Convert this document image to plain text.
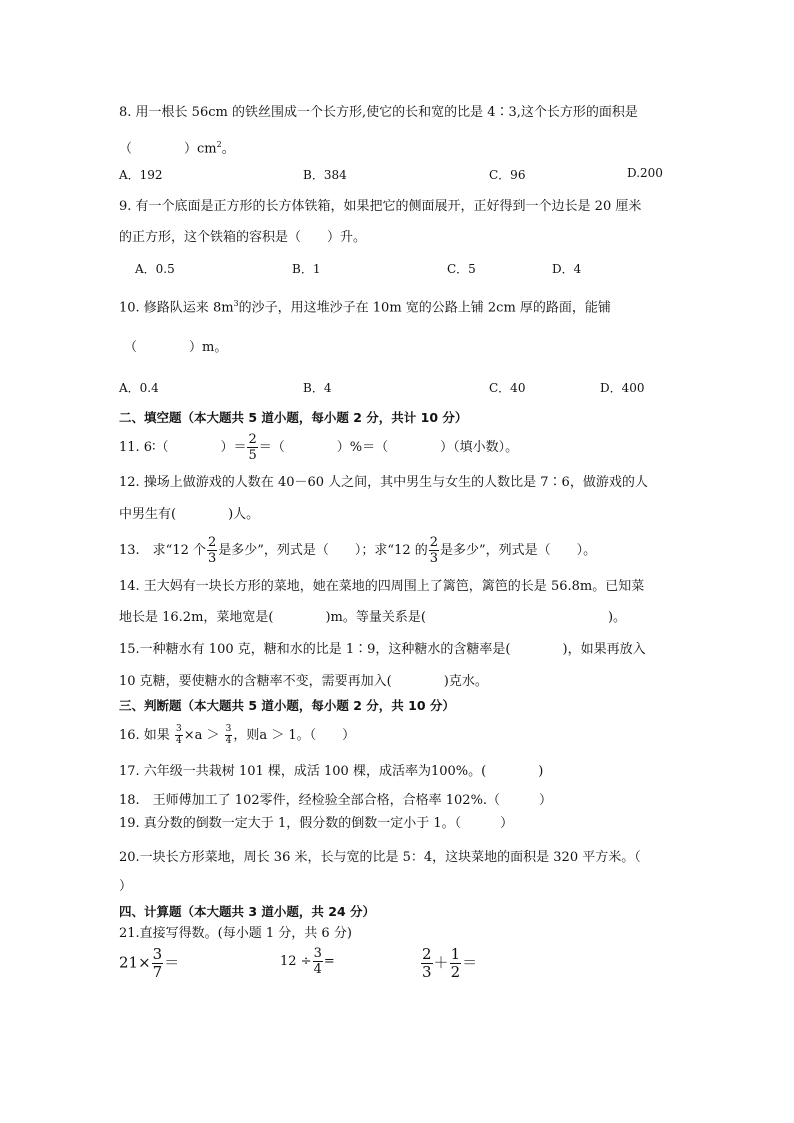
8. 用一根长 56cm 的铁丝围成一个长方形,使它的长和宽的比是 4∶3,这个长方形的面积是
（　　　　）$cm^2$。
A．192	B．384	C．96	D.200
9. 有一个底面是正方形的长方体铁箱，如果把它的侧面展开，正好得到一个边长是 20 厘米
的正方形，这个铁箱的容积是（　　）升。
A．0.5	B．1	C．5	D．4
10. 修路队运来 $8m^3$的沙子，用这堆沙子在 10m 宽的公路上铺 2cm 厚的路面，能铺
（　　　　）m。
A．0.4	B．4	C．40	D．400
二、填空题（本大题共 5 道小题，每小题 2 分，共计 10 分）
11. 6∶（　　　　）＝ $\frac{2}{5}$ ＝（　　　　）%＝（　　　　）（填小数）。
12. 操场上做游戏的人数在 40－60 人之间，其中男生与女生的人数比是 7∶6，做游戏的人
中男生有(　　　　)人。
13.　求“12 个 $\frac{2}{3}$ 是多少”，列式是（　　）；求“12 的 $\frac{2}{3}$ 是多少”，列式是（　　）。
14. 王大妈有一块长方形的菜地，她在菜地的四周围上了篱笆，篱笆的长是 56.8m。已知菜
地长是 16.2m，菜地宽是(　　　　)m。等量关系是(　　　　　　　　　　　　　　)。
15.一种糖水有 100 克，糖和水的比是 1∶9，这种糖水的含糖率是(　　　　)，如果再放入
10 克糖，要使糖水的含糖率不变，需要再加入(　　　　)克水。
三、判断题（本大题共 5 道小题，每小题 2 分，共 10 分）
16. 如果 $\frac{3}{4} \times a > \frac{3}{4}$ ，则a ＞ 1。（　　）
17. 六年级一共栽树 101 棵，成活 100 棵，成活率为100%。(　　　　)
18.　王师傅加工了 102零件，经检验全部合格，合格率 102%.（　　　）
19. 真分数的倒数一定大于 1，假分数的倒数一定小于 1。（　　　）
20.一块长方形菜地，周长 36 米，长与宽的比是 5：4，这块菜地的面积是 320 平方米。（
）
四、计算题（本大题共 3 道小题，共 24 分）
21.直接写得数。(每小题 1 分，共 6 分)
$21\times \frac{3}{7}$ ＝	$12 \div \frac{3}{4}$ =	$\frac{2}{3} + \frac{1}{2}$ ＝
